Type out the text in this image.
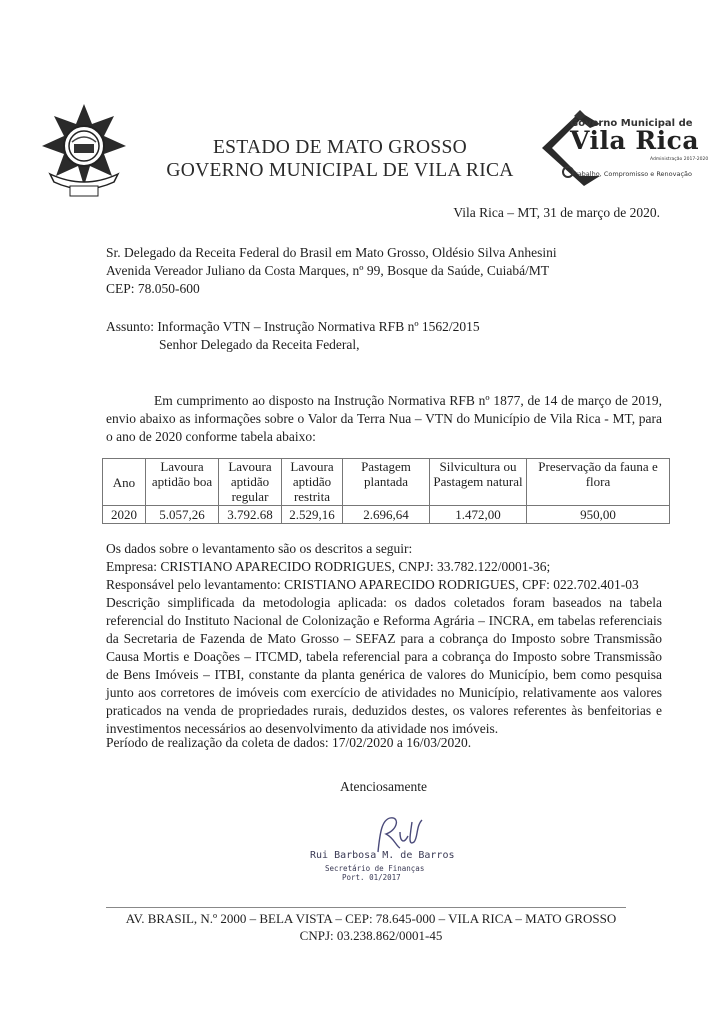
ESTADO DE MATO GROSSO
GOVERNO MUNICIPAL DE VILA RICA
Governo Municipal de
Vila Rica
Administração 2017-2020
Trabalho, Compromisso e Renovação
Vila Rica – MT, 31 de março de 2020.
Sr. Delegado da Receita Federal do Brasil em Mato Grosso, Oldésio Silva Anhesini
Avenida Vereador Juliano da Costa Marques, nº 99, Bosque da Saúde, Cuiabá/MT
CEP: 78.050-600
Assunto: Informação VTN – Instrução Normativa RFB nº 1562/2015
Senhor Delegado da Receita Federal,
Em cumprimento ao disposto na Instrução Normativa RFB nº 1877, de 14 de março de 2019, envio abaixo as informações sobre o Valor da Terra Nua – VTN do Município de Vila Rica - MT, para o ano de 2020 conforme tabela abaixo:
Ano	Lavoura aptidão boa	Lavoura aptidão regular	Lavoura aptidão restrita	Pastagem plantada	Silvicultura ou Pastagem natural	Preservação da fauna e flora
2020	5.057,26	3.792.68	2.529,16	2.696,64	1.472,00	950,00
Os dados sobre o levantamento são os descritos a seguir:
Empresa: CRISTIANO APARECIDO RODRIGUES, CNPJ: 33.782.122/0001-36;
Responsável pelo levantamento: CRISTIANO APARECIDO RODRIGUES, CPF: 022.702.401-03
Descrição simplificada da metodologia aplicada: os dados coletados foram baseados na tabela referencial do Instituto Nacional de Colonização e Reforma Agrária – INCRA, em tabelas referenciais da Secretaria de Fazenda de Mato Grosso – SEFAZ para a cobrança do Imposto sobre Transmissão Causa Mortis e Doações – ITCMD, tabela referencial para a cobrança do Imposto sobre Transmissão de Bens Imóveis – ITBI, constante da planta genérica de valores do Município, bem como pesquisa junto aos corretores de imóveis com exercício de atividades no Município, relativamente aos valores praticados na venda de propriedades rurais, deduzidos destes, os valores referentes às benfeitorias e investimentos necessários ao desenvolvimento da atividade nos imóveis.
Período de realização da coleta de dados: 17/02/2020 a 16/03/2020.
Atenciosamente
Rui Barbosa M. de Barros
Secretário de Finanças
Port. 01/2017
AV. BRASIL, N.º 2000 – BELA VISTA – CEP: 78.645-000 – VILA RICA – MATO GROSSO
CNPJ: 03.238.862/0001-45
